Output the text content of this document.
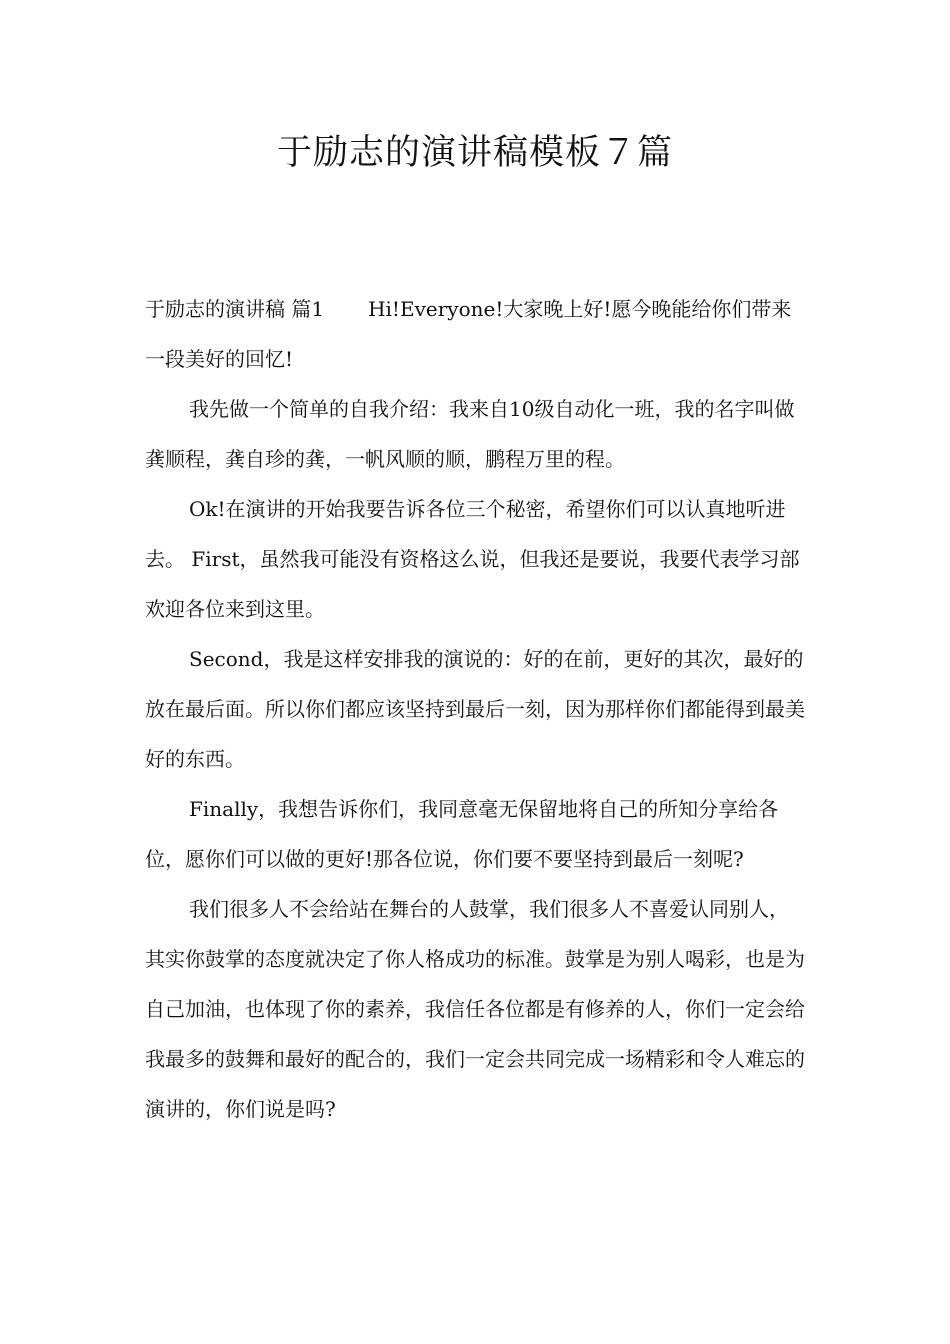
于励志的演讲稿模板７篇

于励志的演讲稿 篇1 Hi!Everyone!大家晚上好!愿今晚能给你们带来一段美好的回忆!

我先做一个简单的自我介绍：我来自10级自动化一班，我的名字叫做龚顺程，龚自珍的龚，一帆风顺的顺，鹏程万里的程。

Ok!在演讲的开始我要告诉各位三个秘密，希望你们可以认真地听进去。 First，虽然我可能没有资格这么说，但我还是要说，我要代表学习部欢迎各位来到这里。

Second，我是这样安排我的演说的：好的在前，更好的其次，最好的放在最后面。所以你们都应该坚持到最后一刻，因为那样你们都能得到最美好的东西。

Finally，我想告诉你们，我同意毫无保留地将自己的所知分享给各位，愿你们可以做的更好!那各位说，你们要不要坚持到最后一刻呢?

我们很多人不会给站在舞台的人鼓掌，我们很多人不喜爱认同别人，其实你鼓掌的态度就决定了你人格成功的标准。鼓掌是为别人喝彩，也是为自己加油，也体现了你的素养，我信任各位都是有修养的人，你们一定会给我最多的鼓舞和最好的配合的，我们一定会共同完成一场精彩和令人难忘的演讲的，你们说是吗?
